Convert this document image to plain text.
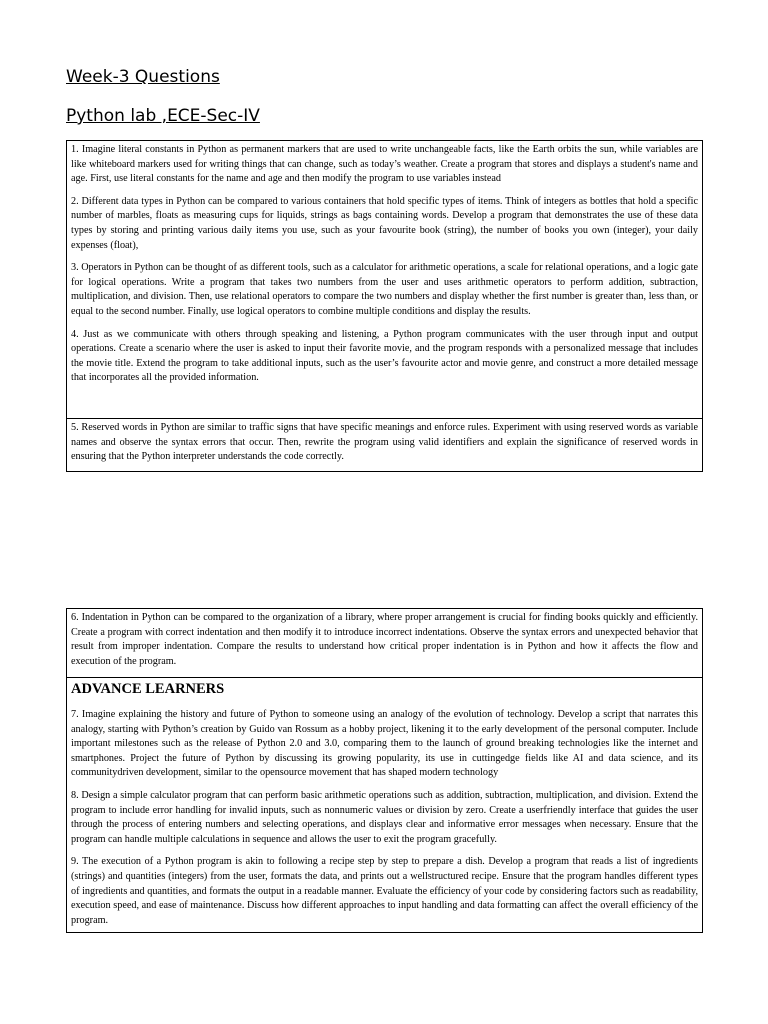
Week-3 Questions
Python lab ,ECE-Sec-IV

1. Imagine literal constants in Python as permanent markers that are used to write unchangeable facts, like the Earth orbits the sun, while variables are like whiteboard markers used for writing things that can change, such as today’s weather. Create a program that stores and displays a student's name and age. First, use literal constants for the name and age and then modify the program to use variables instead

2. Different data types in Python can be compared to various containers that hold specific types of items. Think of integers as bottles that hold a specific number of marbles, floats as measuring cups for liquids, strings as bags containing words. Develop a program that demonstrates the use of these data types by storing and printing various daily items you use, such as your favourite book (string), the number of books you own (integer), your daily expenses (float),

3. Operators in Python can be thought of as different tools, such as a calculator for arithmetic operations, a scale for relational operations, and a logic gate for logical operations. Write a program that takes two numbers from the user and uses arithmetic operators to perform addition, subtraction, multiplication, and division. Then, use relational operators to compare the two numbers and display whether the first number is greater than, less than, or equal to the second number. Finally, use logical operators to combine multiple conditions and display the results.

4. Just as we communicate with others through speaking and listening, a Python program communicates with the user through input and output operations. Create a scenario where the user is asked to input their favorite movie, and the program responds with a personalized message that includes the movie title. Extend the program to take additional inputs, such as the user’s favourite actor and movie genre, and construct a more detailed message that incorporates all the provided information.

5. Reserved words in Python are similar to traffic signs that have specific meanings and enforce rules. Experiment with using reserved words as variable names and observe the syntax errors that occur. Then, rewrite the program using valid identifiers and explain the significance of reserved words in ensuring that the Python interpreter understands the code correctly.

6. Indentation in Python can be compared to the organization of a library, where proper arrangement is crucial for finding books quickly and efficiently. Create a program with correct indentation and then modify it to introduce incorrect indentations. Observe the syntax errors and unexpected behavior that result from improper indentation. Compare the results to understand how critical proper indentation is in Python and how it affects the flow and execution of the program.

ADVANCE LEARNERS

7. Imagine explaining the history and future of Python to someone using an analogy of the evolution of technology. Develop a script that narrates this analogy, starting with Python’s creation by Guido van Rossum as a hobby project, likening it to the early development of the personal computer. Include important milestones such as the release of Python 2.0 and 3.0, comparing them to the launch of ground breaking technologies like the internet and smartphones. Project the future of Python by discussing its growing popularity, its use in cuttingedge fields like AI and data science, and its communitydriven development, similar to the opensource movement that has shaped modern technology

8. Design a simple calculator program that can perform basic arithmetic operations such as addition, subtraction, multiplication, and division. Extend the program to include error handling for invalid inputs, such as nonnumeric values or division by zero. Create a userfriendly interface that guides the user through the process of entering numbers and selecting operations, and displays clear and informative error messages when necessary. Ensure that the program can handle multiple calculations in sequence and allows the user to exit the program gracefully.

9. The execution of a Python program is akin to following a recipe step by step to prepare a dish. Develop a program that reads a list of ingredients (strings) and quantities (integers) from the user, formats the data, and prints out a wellstructured recipe. Ensure that the program handles different types of ingredients and quantities, and formats the output in a readable manner. Evaluate the efficiency of your code by considering factors such as readability, execution speed, and ease of maintenance. Discuss how different approaches to input handling and data formatting can affect the overall efficiency of the program.
